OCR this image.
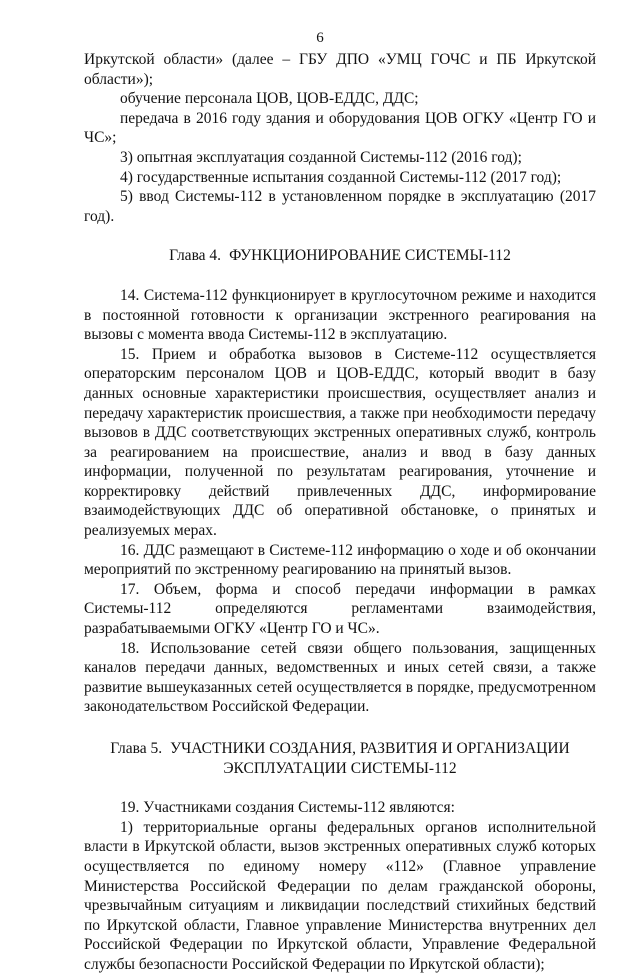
6

Иркутской области» (далее – ГБУ ДПО «УМЦ ГОЧС и ПБ Иркутской области»);

обучение персонала ЦОВ, ЦОВ-ЕДДС, ДДС;

передача в 2016 году здания и оборудования ЦОВ ОГКУ «Центр ГО и ЧС»;

3) опытная эксплуатация созданной Системы-112 (2016 год);

4) государственные испытания созданной Системы-112 (2017 год);

5) ввод Системы-112 в установленном порядке в эксплуатацию (2017 год).

Глава 4. ФУНКЦИОНИРОВАНИЕ СИСТЕМЫ-112

14. Система-112 функционирует в круглосуточном режиме и находится в постоянной готовности к организации экстренного реагирования на вызовы с момента ввода Системы-112 в эксплуатацию.

15. Прием и обработка вызовов в Системе-112 осуществляется операторским персоналом ЦОВ и ЦОВ-ЕДДС, который вводит в базу данных основные характеристики происшествия, осуществляет анализ и передачу характеристик происшествия, а также при необходимости передачу вызовов в ДДС соответствующих экстренных оперативных служб, контроль за реагированием на происшествие, анализ и ввод в базу данных информации, полученной по результатам реагирования, уточнение и корректировку действий привлеченных ДДС, информирование взаимодействующих ДДС об оперативной обстановке, о принятых и реализуемых мерах.

16. ДДС размещают в Системе-112 информацию о ходе и об окончании мероприятий по экстренному реагированию на принятый вызов.

17. Объем, форма и способ передачи информации в рамках Системы-112 определяются регламентами взаимодействия, разрабатываемыми ОГКУ «Центр ГО и ЧС».

18. Использование сетей связи общего пользования, защищенных каналов передачи данных, ведомственных и иных сетей связи, а также развитие вышеуказанных сетей осуществляется в порядке, предусмотренном законодательством Российской Федерации.

Глава 5. УЧАСТНИКИ СОЗДАНИЯ, РАЗВИТИЯ И ОРГАНИЗАЦИИ
ЭКСПЛУАТАЦИИ СИСТЕМЫ-112

19. Участниками создания Системы-112 являются:

1) территориальные органы федеральных органов исполнительной власти в Иркутской области, вызов экстренных оперативных служб которых осуществляется по единому номеру «112» (Главное управление Министерства Российской Федерации по делам гражданской обороны, чрезвычайным ситуациям и ликвидации последствий стихийных бедствий по Иркутской области, Главное управление Министерства внутренних дел Российской Федерации по Иркутской области, Управление Федеральной службы безопасности Российской Федерации по Иркутской области);
